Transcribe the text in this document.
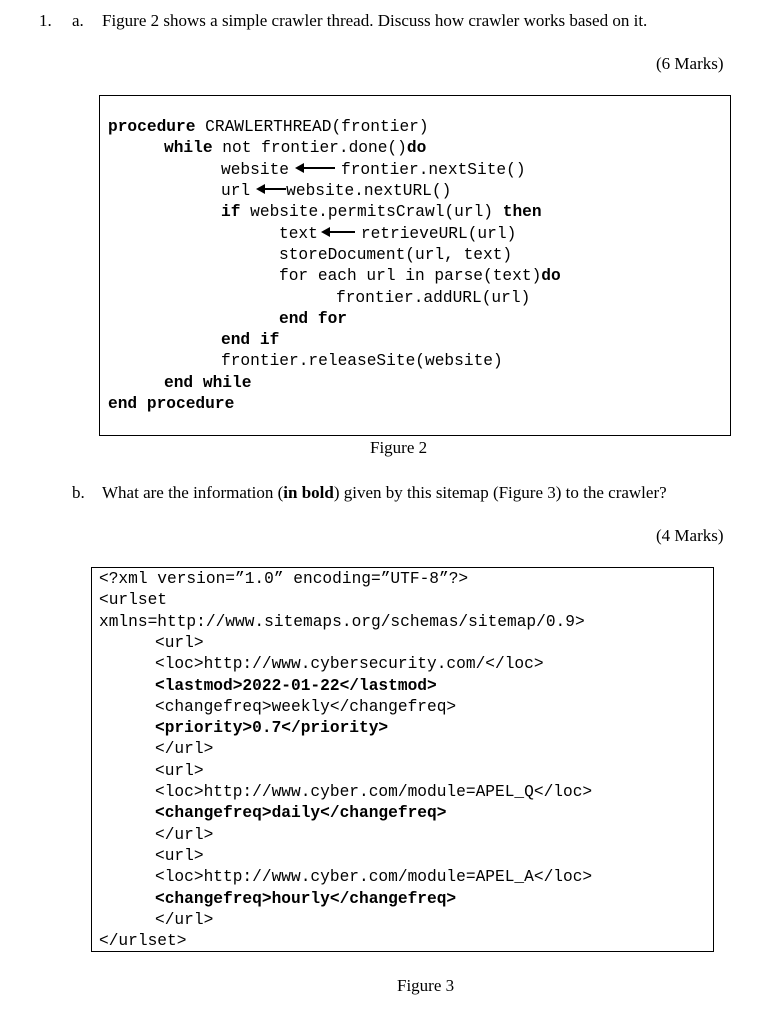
1. a. Figure 2 shows a simple crawler thread. Discuss how crawler works based on it.
(6 Marks)
procedure CRAWLERTHREAD(frontier)
while not frontier.done()do
website	frontier.nextSite()
url website.nextURL()
if website.permitsCrawl(url) then
text	retrieveURL(url)
storeDocument(url, text)
for each url in parse(text)do
frontier.addURL(url)
end for
end if
frontier.releaseSite(website)
end while
end procedure
Figure 2
b. What are the information (in bold) given by this sitemap (Figure 3) to the crawler?
(4 Marks)
<?xml version=”1.0” encoding=”UTF-8”?>
<urlset
xmlns=http://www.sitemaps.org/schemas/sitemap/0.9>
<url>
<loc>http://www.cybersecurity.com/</loc>
<lastmod>2022-01-22</lastmod>
<changefreq>weekly</changefreq>
<priority>0.7</priority>
</url>
<url>
<loc>http://www.cyber.com/module=APEL_Q</loc>
<changefreq>daily</changefreq>
</url>
<url>
<loc>http://www.cyber.com/module=APEL_A</loc>
<changefreq>hourly</changefreq>
</url>
</urlset>
Figure 3
